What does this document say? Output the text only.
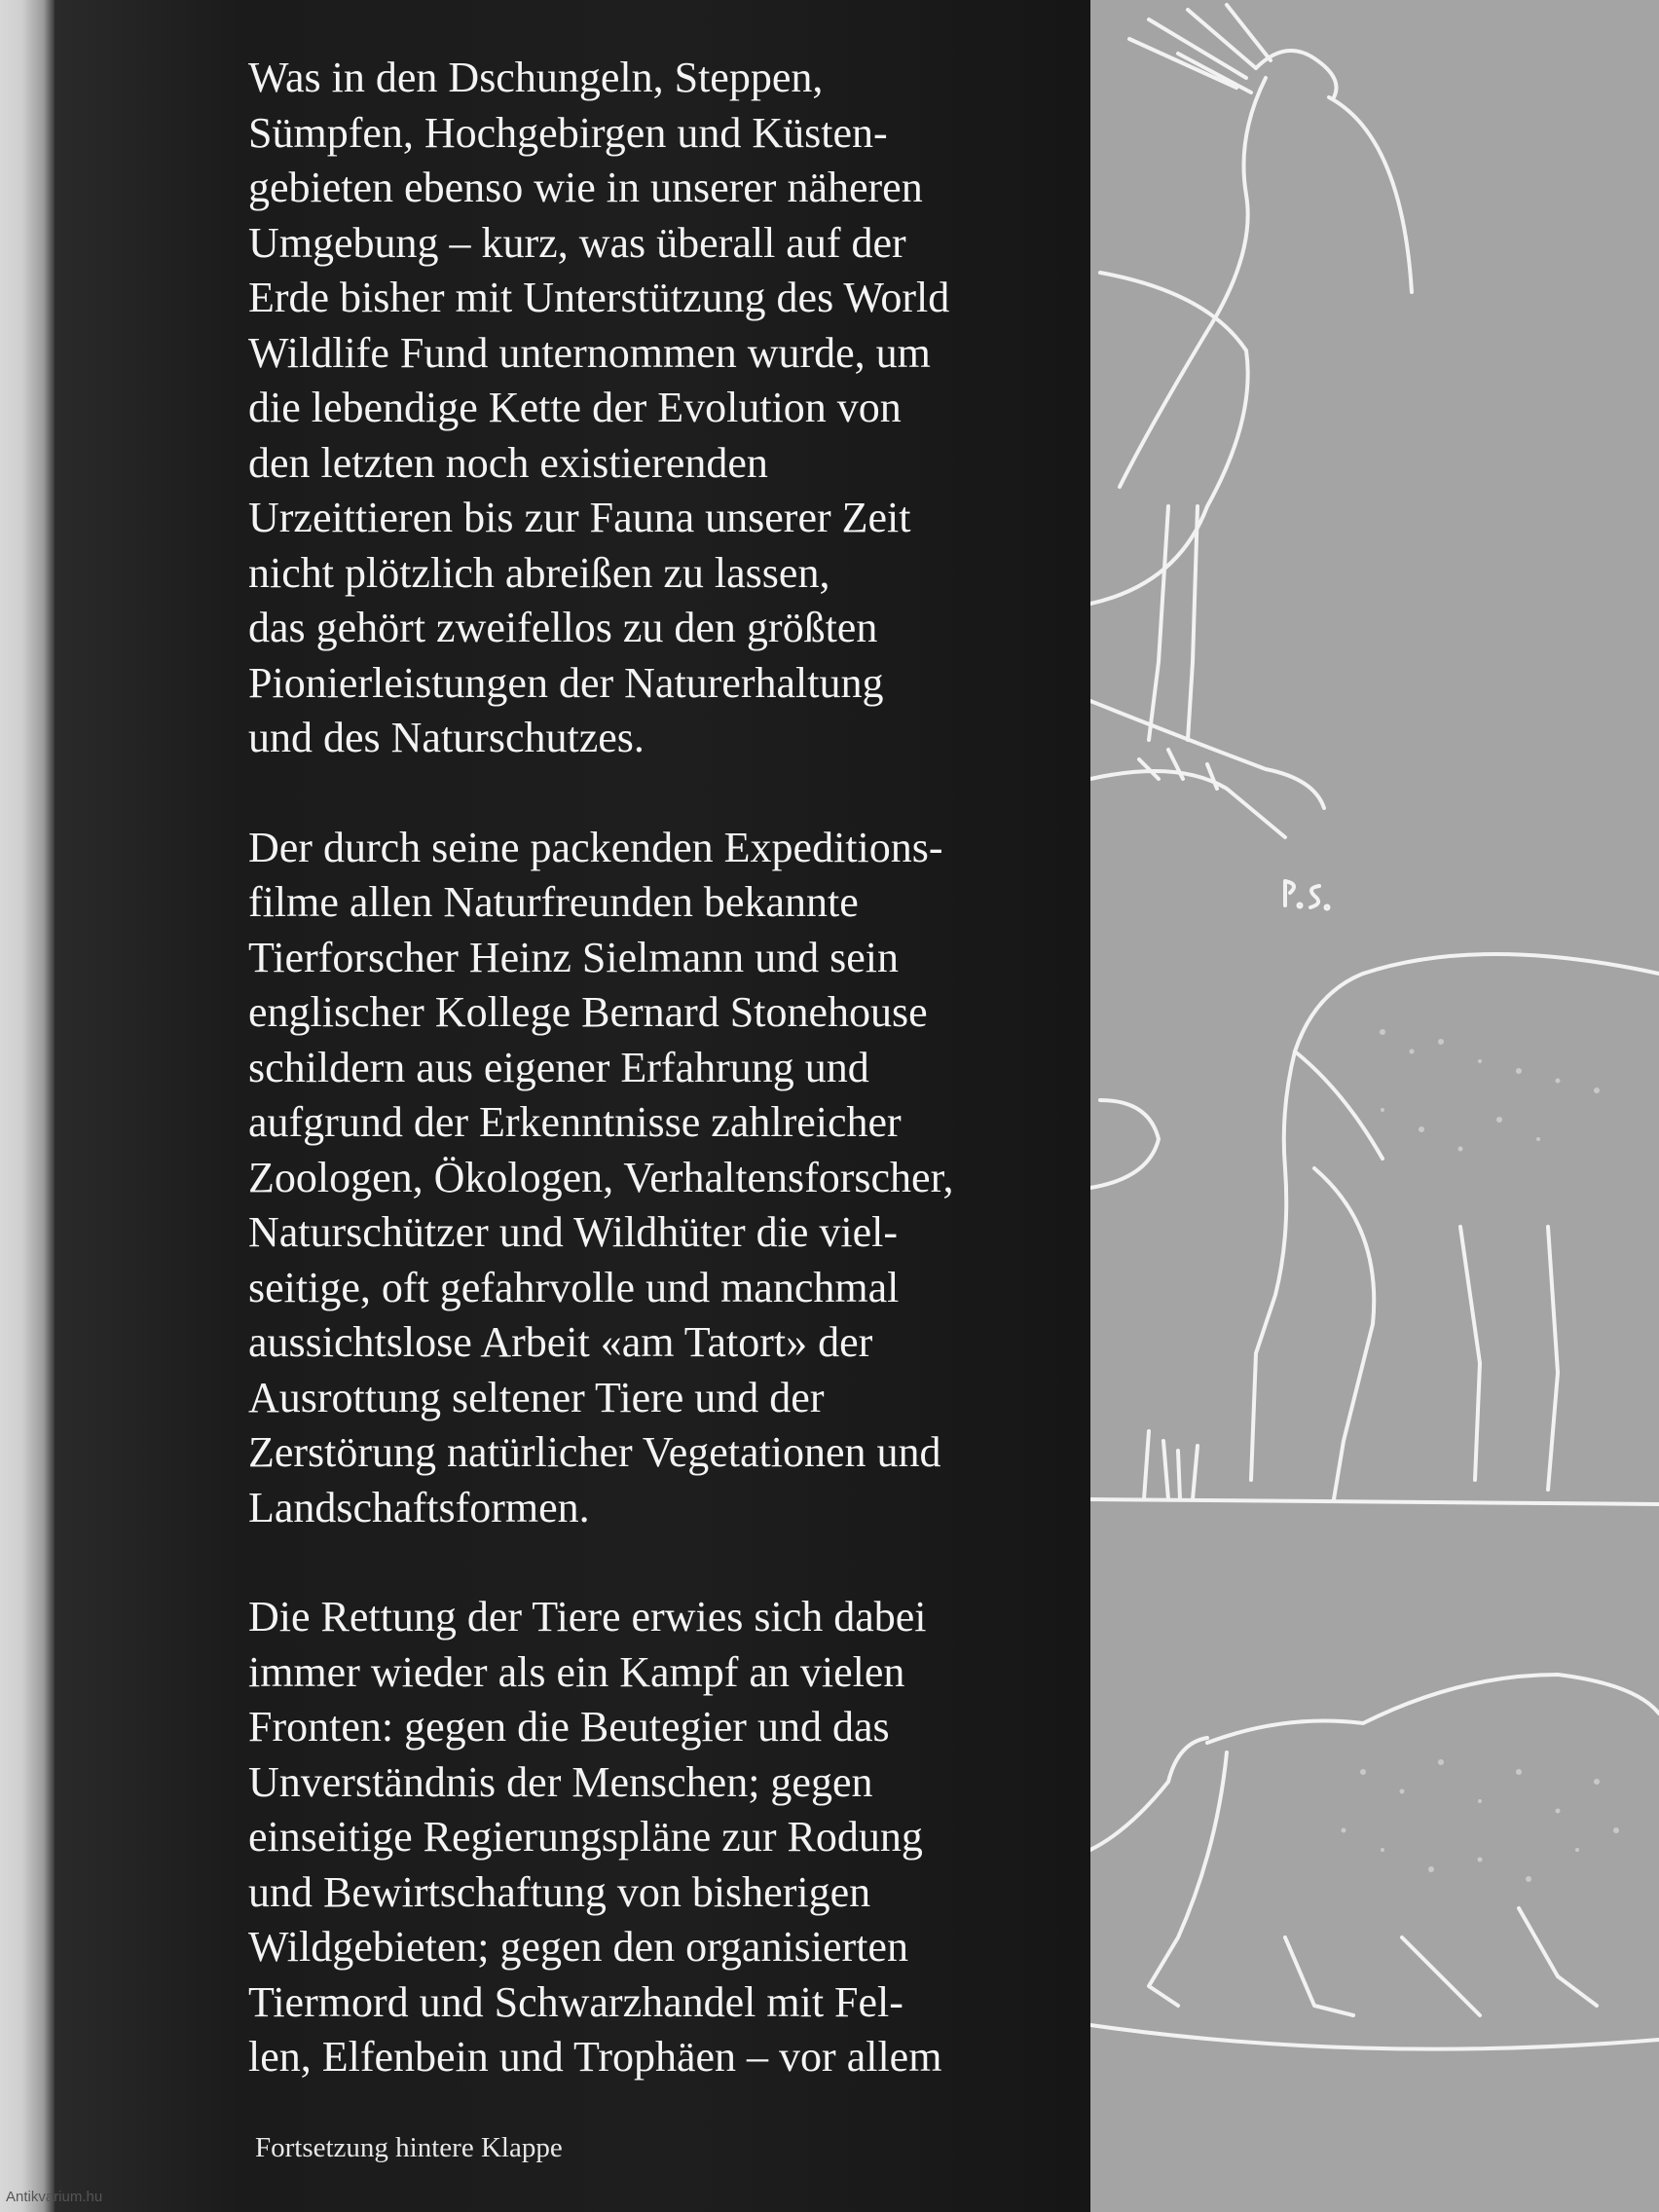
Was in den Dschungeln, Steppen,
Sümpfen, Hochgebirgen und Küsten-
gebieten ebenso wie in unserer näheren
Umgebung – kurz, was überall auf der
Erde bisher mit Unterstützung des World
Wildlife Fund unternommen wurde, um
die lebendige Kette der Evolution von
den letzten noch existierenden
Urzeittieren bis zur Fauna unserer Zeit
nicht plötzlich abreißen zu lassen,
das gehört zweifellos zu den größten
Pionierleistungen der Naturerhaltung
und des Naturschutzes.

Der durch seine packenden Expeditions-
filme allen Naturfreunden bekannte
Tierforscher Heinz Sielmann und sein
englischer Kollege Bernard Stonehouse
schildern aus eigener Erfahrung und
aufgrund der Erkenntnisse zahlreicher
Zoologen, Ökologen, Verhaltensforscher,
Naturschützer und Wildhüter die viel-
seitige, oft gefahrvolle und manchmal
aussichtslose Arbeit «am Tatort» der
Ausrottung seltener Tiere und der
Zerstörung natürlicher Vegetationen und
Landschaftsformen.

Die Rettung der Tiere erwies sich dabei
immer wieder als ein Kampf an vielen
Fronten: gegen die Beutegier und das
Unverständnis der Menschen; gegen
einseitige Regierungspläne zur Rodung
und Bewirtschaftung von bisherigen
Wildgebieten; gegen den organisierten
Tiermord und Schwarzhandel mit Fel-
len, Elfenbein und Trophäen – vor allem

Fortsetzung hintere Klappe
Antikvarium.hu
